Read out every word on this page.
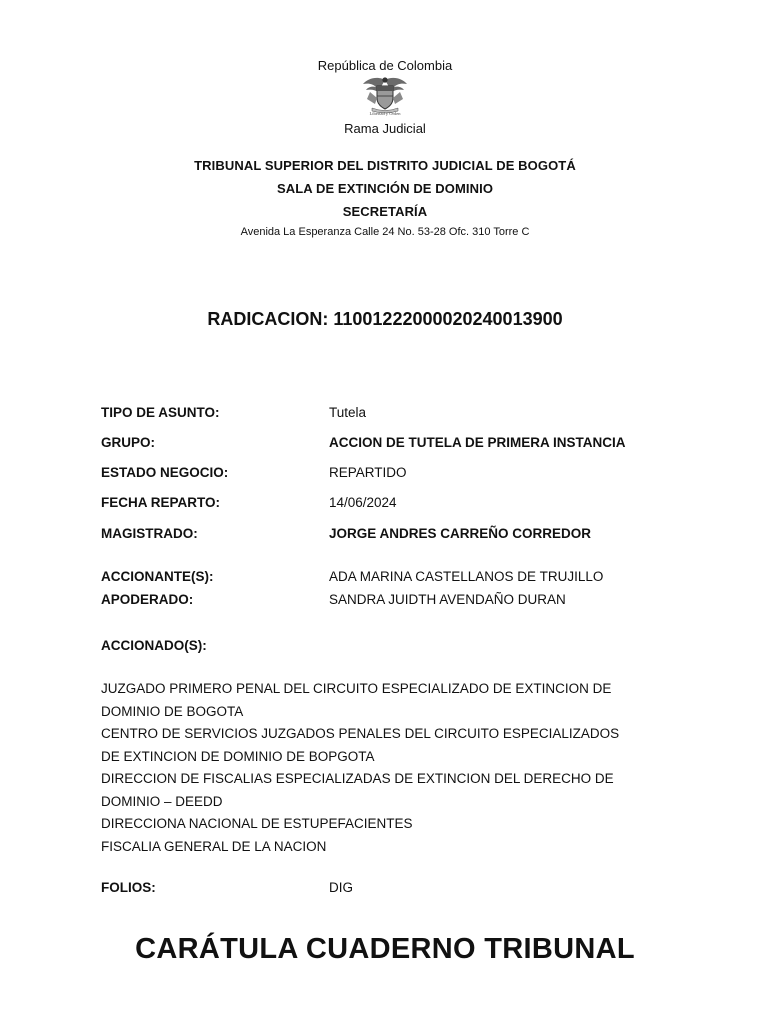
República de Colombia
Libertad y Orden
Rama Judicial
TRIBUNAL SUPERIOR DEL DISTRITO JUDICIAL DE BOGOTÁ
SALA DE EXTINCIÓN DE DOMINIO
SECRETARÍA
Avenida La Esperanza Calle 24 No. 53-28 Ofc. 310 Torre C
RADICACION: 11001222000020240013900
TIPO DE ASUNTO:	Tutela
GRUPO:	ACCION DE TUTELA DE PRIMERA INSTANCIA
ESTADO NEGOCIO:	REPARTIDO
FECHA REPARTO:	14/06/2024
MAGISTRADO:	JORGE ANDRES CARREÑO CORREDOR
ACCIONANTE(S):	ADA MARINA CASTELLANOS DE TRUJILLO
APODERADO:	SANDRA JUIDTH AVENDAÑO DURAN
ACCIONADO(S):
JUZGADO PRIMERO PENAL DEL CIRCUITO ESPECIALIZADO DE EXTINCION DE
DOMINIO DE BOGOTA
CENTRO DE SERVICIOS JUZGADOS PENALES DEL CIRCUITO ESPECIALIZADOS
DE EXTINCION DE DOMINIO DE BOPGOTA
DIRECCION DE FISCALIAS ESPECIALIZADAS DE EXTINCION DEL DERECHO DE
DOMINIO – DEEDD
DIRECCIONA NACIONAL DE ESTUPEFACIENTES
FISCALIA GENERAL DE LA NACION
FOLIOS:	DIG
CARÁTULA CUADERNO TRIBUNAL
